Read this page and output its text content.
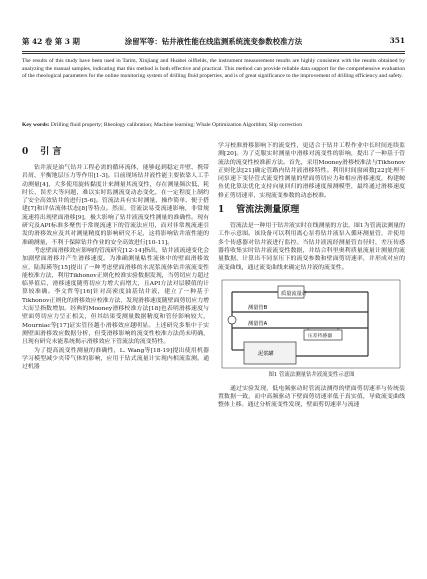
第 42 卷 第 3 期	涂留军等：钻井液性能在线监测系统流变参数校准方法	351
The results of this study have been used in Tarim, Xinjiang and Huabei oilfields, the instrument measurement results are highly consistent with the results obtained by analyzing the manual samples, indicating that this method is both effective and practical. This method can provide reliable data support for the comprehensive evaluation of the rheological parameters for the online monitoring system of drilling fluid properties, and is of great significance to the improvement of drilling efficiency and safety.
Key words: Drilling fluid property; Rheology calibration; Machine learning; Whale Optimization Algorithm; Slip correction
0 引 言

钻井液是油气钻井工程必需的循环流体，能够起到稳定井壁、携带岩屑、平衡地层压力等作用[1-3]。目前现场钻井液性能主要依靠人工手动测量[4]，大多使用旋转黏度计来测量其流变性，存在测量频次低、耗时长、误差大等问题，难以实时监测流变动态变化，在一定程度上制约了安全高效钻井的进行[5-6]。管流法具有实时测量、操作简单、便于搭建[7]和评估流体状态[8]等特点。然而，管流法易受流速影响，非常规流速将出现壁面滑移[9]，极大影响了钻井液流变性测量的准确性。现有研究及API标准多聚焦于常规流速下的管流法应用，而对非常规流速引发的滑移效应及其对测量精度的影响研究不足，这将影响钻井液性能的准确测量，不利于保障钻井作业的安全高效进行[10-11]。

考虑壁面滑移效应影响的管流研究[12-14]指出，钻井液流速变化会加剧壁面滑移并产生滑移速度。为准确测量粘性流体中的壁面滑移效应，陆海瑛等[15]提出了一种考虑壁面滑移的水泥浆流体钻井液流变性能校准方法，利用Tikhonov正则化校准实验数据发现，当剪切应力超过临界值后，滑移速度随剪切应力增大而增大，且API方法对层膜值的计算较准确。李文哲等[16]针对高密度油基钻井液，建立了一种基于Tikhonov正则化的滑移效应校准方法，发现滑移速度随壁面剪切应力增大而呈指数增加。经典的Mooney滑移校准方法[18]也表明滑移速度与壁面剪切应力呈正相关，但其结果受测量数据精度和管径影响较大，Mourniac等[17]证实管径越小滑移效应越明显。上述研究多集中于实测壁面滑移效应数据分析，但受滑移影响的流变性校准方法尚未明确，且现有研究未能系统揭示滑移效应下管流法的流变特性。

为了提高流变性测量的准确性，L. Wang等[18-19]提出使用机器学习模型减少夹带气体的影响，应用于钻式流量计实现内相流监测。通过机器

学习校准滑移影响下的流变性，更适合于钻井工程作业中长时间连续监测[20]。为了克服实时测量中滑移对流变性的影响，提出了一种基于管流法的流变性校准新方法。首先，采用Mooney滑移校准法与Tikhonov正则化法[21]确定管路内钻井液滑移特性。利用时间窗函数[22]处理不同泵速下变径管式流变性测量的壁面剪切应力和相应滑移速度，构建鲸鱼优化算法优化支持向量回归的滑移速度预测模型，最终通过滑移速度修正剪切速率，实现流变参数的动态校准。

1 管流法测量原理

管流法是一种用于钻井液实时在线测量的方法，图1为管流法测量的工作示意图。该设备可以利用离心泵将钻井液泵入循环测量管，并使用多个传感器对钻井液进行监控。当钻井液流经测量管直径时，差压传感器将收集实时钻井液流变性数据，并结合科里奥利质量流量计测量的流量数据，计算出不同泵压下的流变参数和壁面剪切速率，并形成对应的流变曲线，通过流变曲线来确定钻井液的流变性。

质量流量计
测量管B
测量管A
压差传感器
泥浆罐
图1 管流法测量钻井液流变性示意图

通过实验发现，低电频驱动时管流法测得的壁面剪切速率与传统装置数据一致，而中高频驱动下壁面剪切速率低于真实值，导致流变曲线整体上移。通过分析流变性发现，壁面剪切速率与流速
